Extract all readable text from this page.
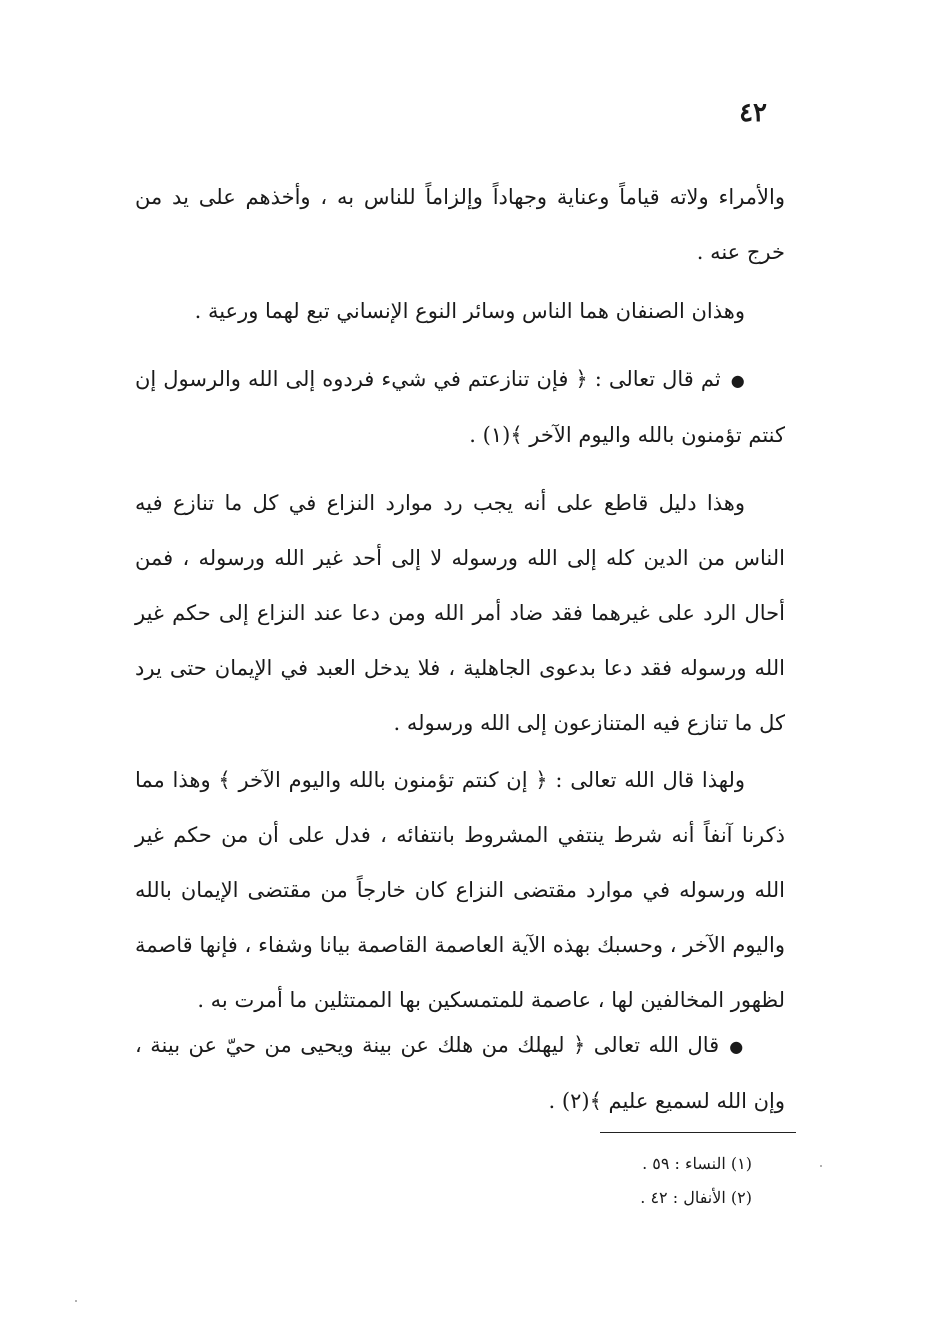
٤٢

والأمراء ولاته قياماً وعناية وجهاداً وإلزاماً للناس به ، وأخذهم على يد من خرج عنه .

وهذان الصنفان هما الناس وسائر النوع الإنساني تبع لهما ورعية .

●ثم قال تعالى : ﴿ فإن تنازعتم في شيء فردوه إلى الله والرسول إن كنتم تؤمنون بالله واليوم الآخر ﴾(١) .

وهذا دليل قاطع على أنه يجب رد موارد النزاع في كل ما تنازع فيه الناس من الدين كله إلى الله ورسوله لا إلى أحد غير الله ورسوله ، فمن أحال الرد على غيرهما فقد ضاد أمر الله ومن دعا عند النزاع إلى حكم غير الله ورسوله فقد دعا بدعوى الجاهلية ، فلا يدخل العبد في الإيمان حتى يرد كل ما تنازع فيه المتنازعون إلى الله ورسوله .

ولهذا قال الله تعالى : ﴿ إن كنتم تؤمنون بالله واليوم الآخر ﴾ وهذا مما ذكرنا آنفاً أنه شرط ينتفي المشروط بانتفائه ، فدل على أن من حكم غير الله ورسوله في موارد مقتضى النزاع كان خارجاً من مقتضى الإيمان بالله واليوم الآخر ، وحسبك بهذه الآية العاصمة القاصمة بيانا وشفاء ، فإنها قاصمة لظهور المخالفين لها ، عاصمة للمتمسكين بها الممتثلين ما أمرت به .

●قال الله تعالى ﴿ ليهلك من هلك عن بينة ويحيى من حيّ عن بينة ، وإن الله لسميع عليم ﴾(٢) .
(١) النساء : ٥٩ .
(٢) الأنفال : ٤٢ .
